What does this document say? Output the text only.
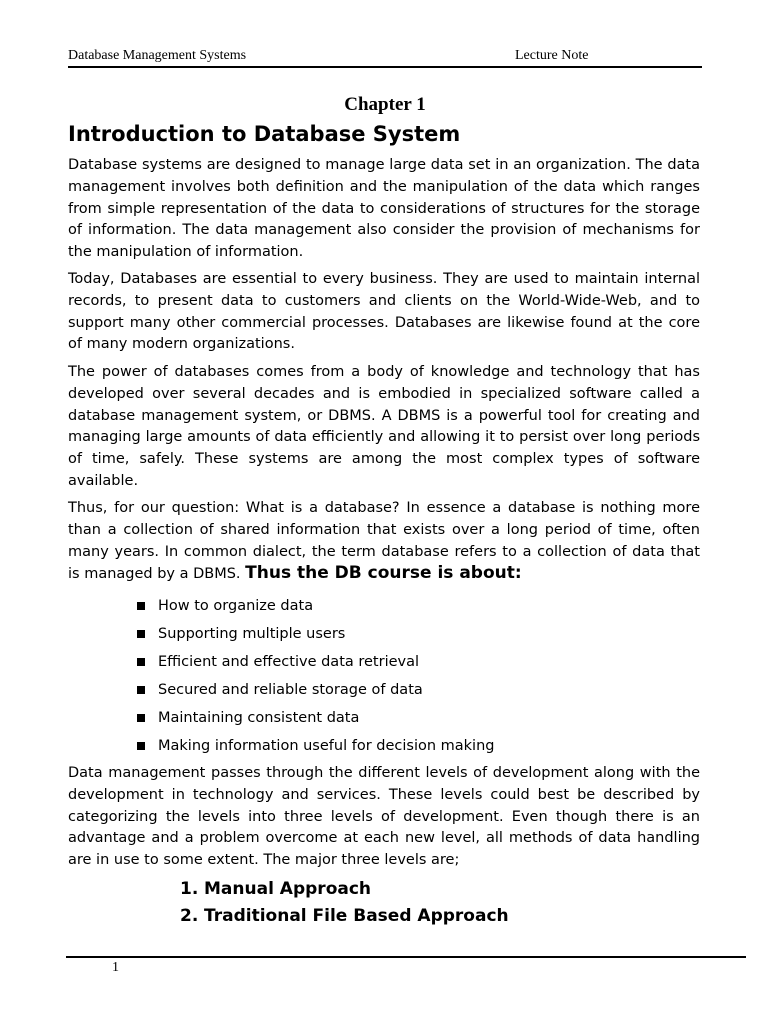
Database Management Systems	Lecture Note
Chapter 1
Introduction to Database System

Database systems are designed to manage large data set in an organization. The data management involves both definition and the manipulation of the data which ranges from simple representation of the data to considerations of structures for the storage of information. The data management also consider the provision of mechanisms for the manipulation of information.

Today, Databases are essential to every business. They are used to maintain internal records, to present data to customers and clients on the World-Wide-Web, and to support many other commercial processes. Databases are likewise found at the core of many modern organizations.

The power of databases comes from a body of knowledge and technology that has developed over several decades and is embodied in specialized software called a database management system, or DBMS. A DBMS is a powerful tool for creating and managing large amounts of data efficiently and allowing it to persist over long periods of time, safely. These systems are among the most complex types of software available.

Thus, for our question: What is a database? In essence a database is nothing more than a collection of shared information that exists over a long period of time, often many years. In common dialect, the term database refers to a collection of data that is managed by a DBMS. Thus the DB course is about:

How to organize data
Supporting multiple users
Efficient and effective data retrieval
Secured and reliable storage of data
Maintaining consistent data
Making information useful for decision making

Data management passes through the different levels of development along with the development in technology and services. These levels could best be described by categorizing the levels into three levels of development. Even though there is an advantage and a problem overcome at each new level, all methods of data handling are in use to some extent. The major three levels are;

1. Manual Approach
2. Traditional File Based Approach
1
